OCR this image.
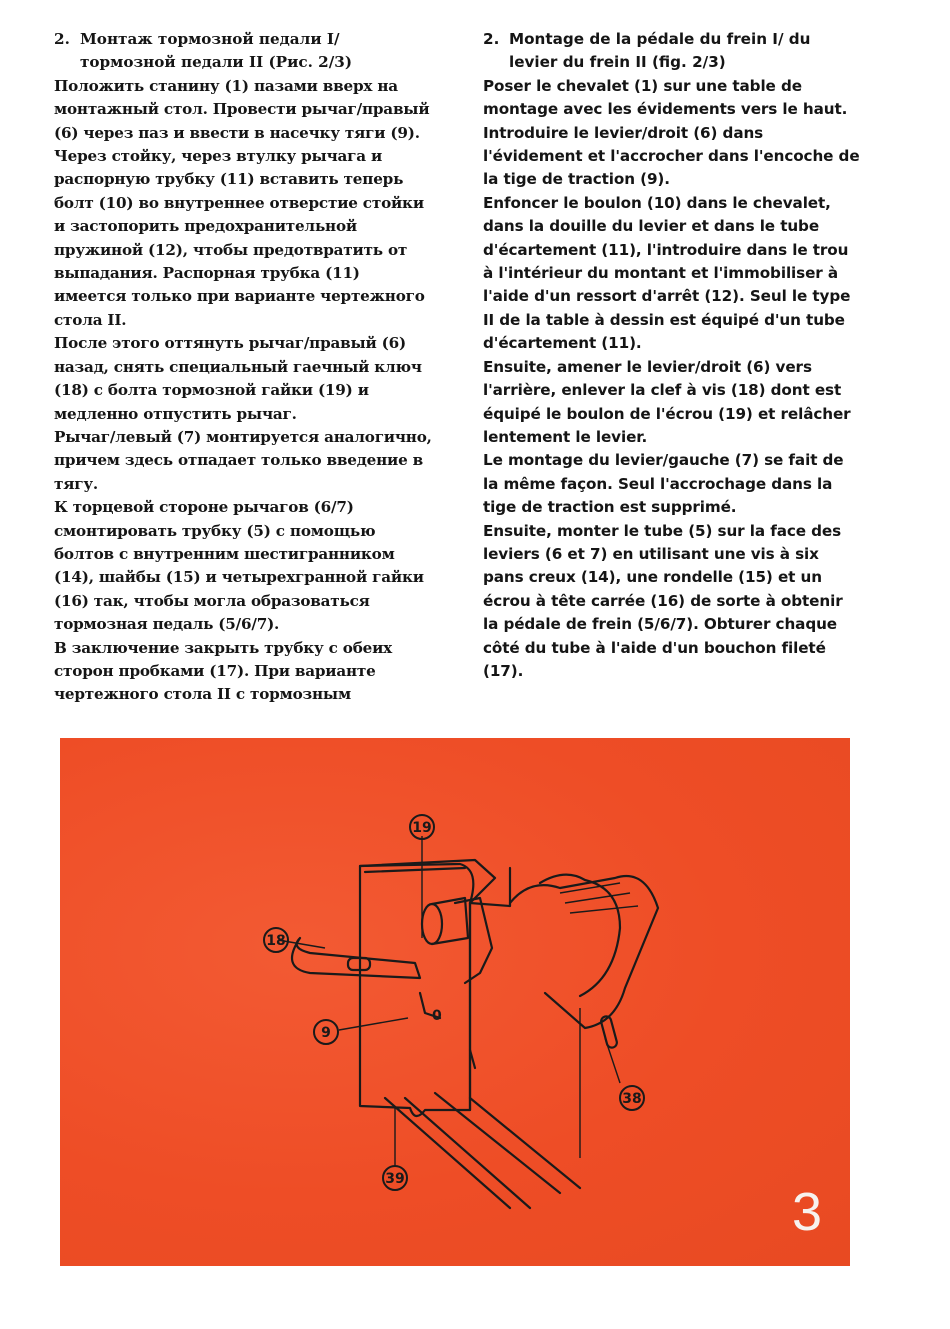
2. Монтаж тормозной педали I/тормозной педали II (Рис. 2/3)

Положить станину (1) пазами вверх на монтажный стол. Провести рычаг/правый (6) через паз и ввести в насечку тяги (9). Через стойку, через втулку рычага и распорную трубку (11) вставить теперь болт (10) во внутреннее отверстие стойки и застопорить предохранительной пружиной (12), чтобы предотвратить от выпадания. Распорная трубка (11) имеется только при варианте чертежного стола II.

После этого оттянуть рычаг/правый (6) назад, снять специальный гаечный ключ (18) с болта тормозной гайки (19) и медленно отпустить рычаг.

Рычаг/левый (7) монтируется аналогично, причем здесь отпадает только введение в тягу.

К торцевой стороне рычагов (6/7) смонтировать трубку (5) с помощью болтов с внутренним шестигранником (14), шайбы (15) и четырехгранной гайки (16) так, чтобы могла образоваться тормозная педаль (5/6/7).

В заключение закрыть трубку с обеих сторон пробками (17). При варианте чертежного стола II с тормозным

2. Montage de la pédale du frein I/ du levier du frein II (fig. 2/3)

Poser le chevalet (1) sur une table de montage avec les évidements vers le haut. Introduire le levier/droit (6) dans l'évidement et l'accrocher dans l'encoche de la tige de traction (9).

Enfoncer le boulon (10) dans le chevalet, dans la douille du levier et dans le tube d'écartement (11), l'introduire dans le trou à l'intérieur du montant et l'immobiliser à l'aide d'un ressort d'arrêt (12). Seul le type II de la table à dessin est équipé d'un tube d'écartement (11).

Ensuite, amener le levier/droit (6) vers l'arrière, enlever la clef à vis (18) dont est équipé le boulon de l'écrou (19) et relâcher lentement le levier.

Le montage du levier/gauche (7) se fait de la même façon. Seul l'accrochage dans la tige de traction est supprimé.

Ensuite, monter le tube (5) sur la face des leviers (6 et 7) en utilisant une vis à six pans creux (14), une rondelle (15) et un écrou à tête carrée (16) de sorte à obtenir la pédale de frein (5/6/7). Obturer chaque côté du tube à l'aide d'un bouchon fileté (17).

19
18
9
38
39
0
3
